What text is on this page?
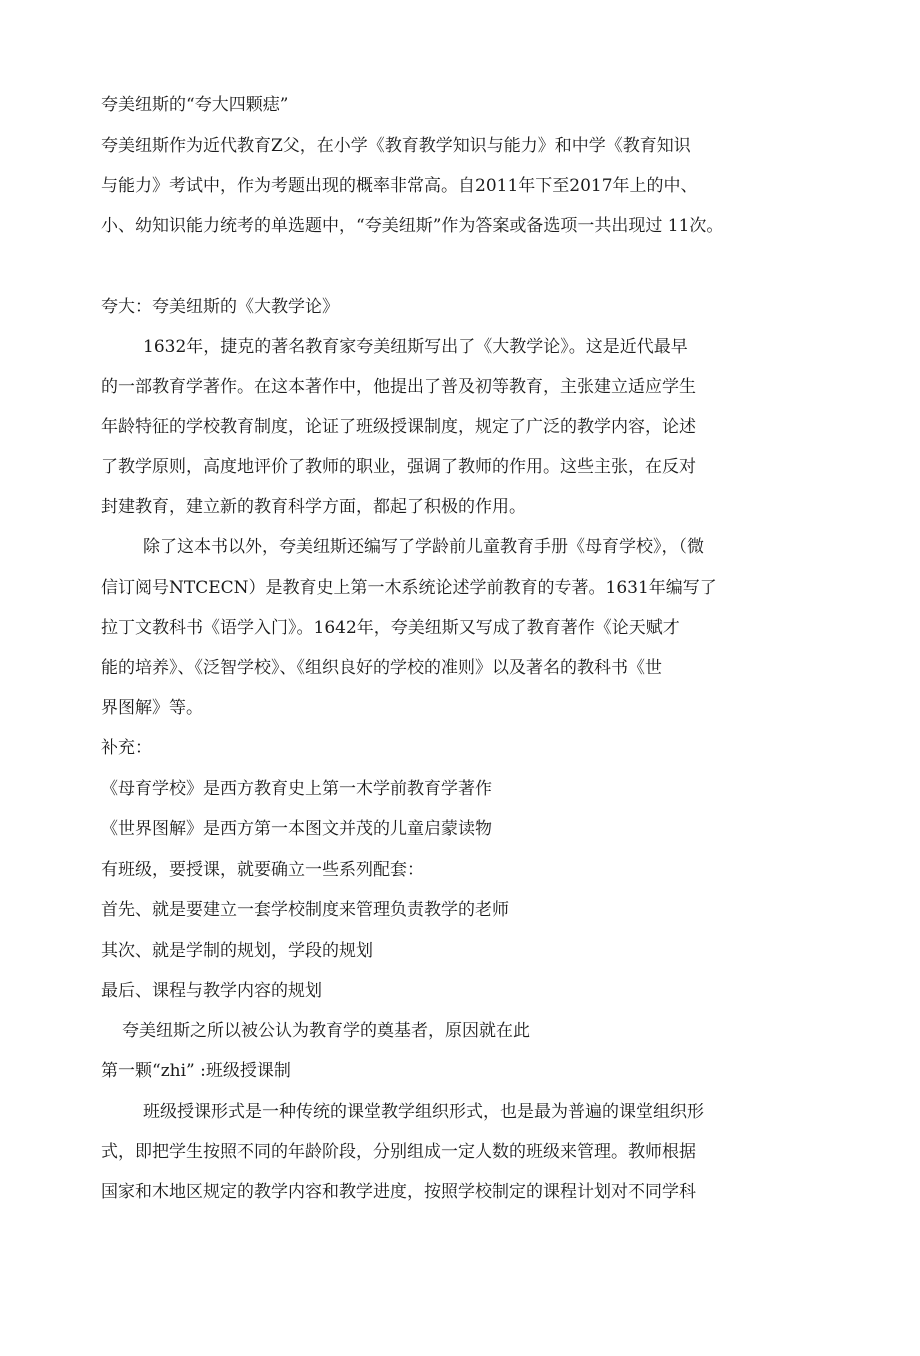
夸美纽斯的“夸大四颗痣”

夸美纽斯作为近代教育Z父，在小学《教育教学知识与能力》和中学《教育知识

与能力》考试中，作为考题出现的概率非常高。自2011年下至2017年上的中、

小、幼知识能力统考的单选题中，“夸美纽斯”作为答案或备选项一共出现过 11次。

夸大：夸美纽斯的《大教学论》

1632年，捷克的著名教育家夸美纽斯写出了《大教学论》。这是近代最早

的一部教育学著作。在这本著作中，他提出了普及初等教育，主张建立适应学生

年龄特征的学校教育制度，论证了班级授课制度，规定了广泛的教学内容，论述

了教学原则，高度地评价了教师的职业，强调了教师的作用。这些主张，在反对

封建教育，建立新的教育科学方面，都起了积极的作用。

除了这本书以外，夸美纽斯还编写了学龄前儿童教育手册《母育学校》，（微

信订阅号NTCECN）是教育史上第一木系统论述学前教育的专著。1631年编写了

拉丁文教科书《语学入门》。1642年，夸美纽斯又写成了教育著作《论天赋才

能的培养》、《泛智学校》、《组织良好的学校的准则》以及著名的教科书《世

界图解》等。

补充：

《母育学校》是西方教育史上第一木学前教育学著作

《世界图解》是西方第一本图文并茂的儿童启蒙读物

有班级，要授课，就要确立一些系列配套：

首先、就是要建立一套学校制度来管理负责教学的老师

其次、就是学制的规划，学段的规划

最后、课程与教学内容的规划

夸美纽斯之所以被公认为教育学的奠基者，原因就在此

第一颗“zhi” :班级授课制

班级授课形式是一种传统的课堂教学组织形式，也是最为普遍的课堂组织形

式，即把学生按照不同的年龄阶段，分别组成一定人数的班级来管理。教师根据

国家和木地区规定的教学内容和教学进度，按照学校制定的课程计划对不同学科
